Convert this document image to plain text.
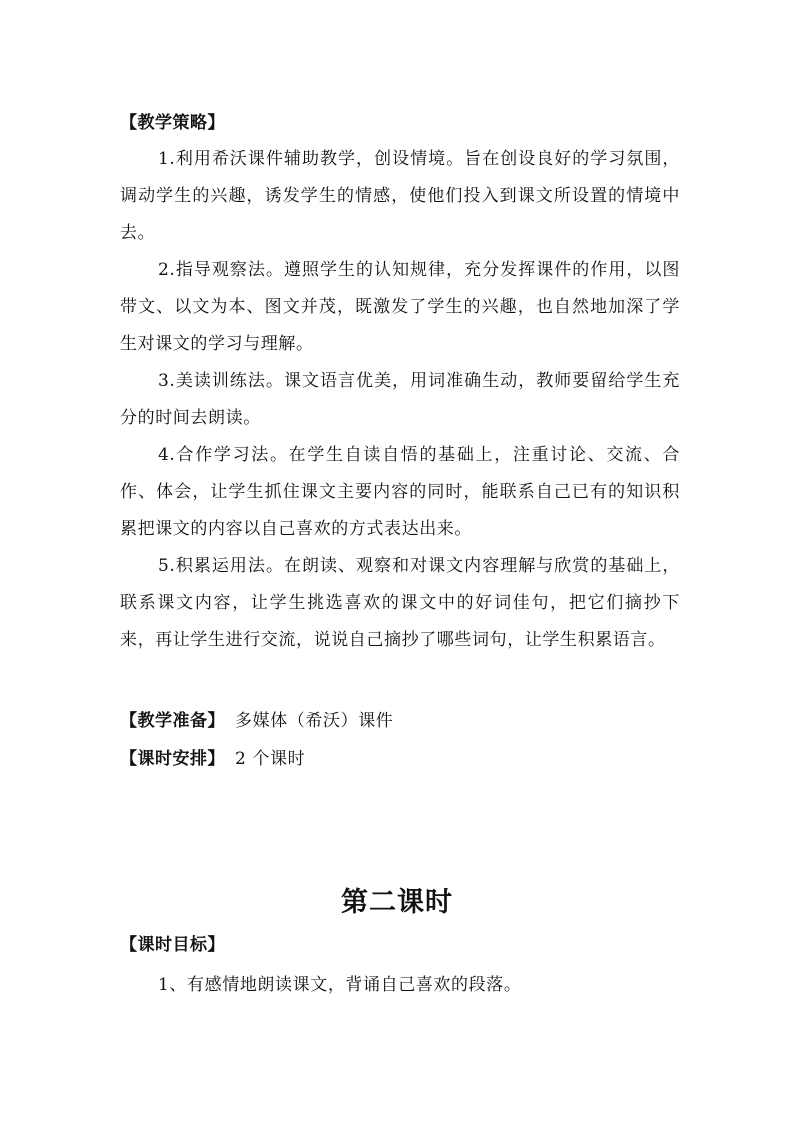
【教学策略】
1.利用希沃课件辅助教学，创设情境。旨在创设良好的学习氛围，调动学生的兴趣，诱发学生的情感，使他们投入到课文所设置的情境中去。
2.指导观察法。遵照学生的认知规律，充分发挥课件的作用，以图带文、以文为本、图文并茂，既激发了学生的兴趣，也自然地加深了学生对课文的学习与理解。
3.美读训练法。课文语言优美，用词准确生动，教师要留给学生充分的时间去朗读。
4.合作学习法。在学生自读自悟的基础上，注重讨论、交流、合作、体会，让学生抓住课文主要内容的同时，能联系自己已有的知识积累把课文的内容以自己喜欢的方式表达出来。
5.积累运用法。在朗读、观察和对课文内容理解与欣赏的基础上，联系课文内容，让学生挑选喜欢的课文中的好词佳句，把它们摘抄下来，再让学生进行交流，说说自己摘抄了哪些词句，让学生积累语言。
【教学准备】 多媒体（希沃）课件
【课时安排】 2 个课时
第二课时
【课时目标】
1、有感情地朗读课文，背诵自己喜欢的段落。
